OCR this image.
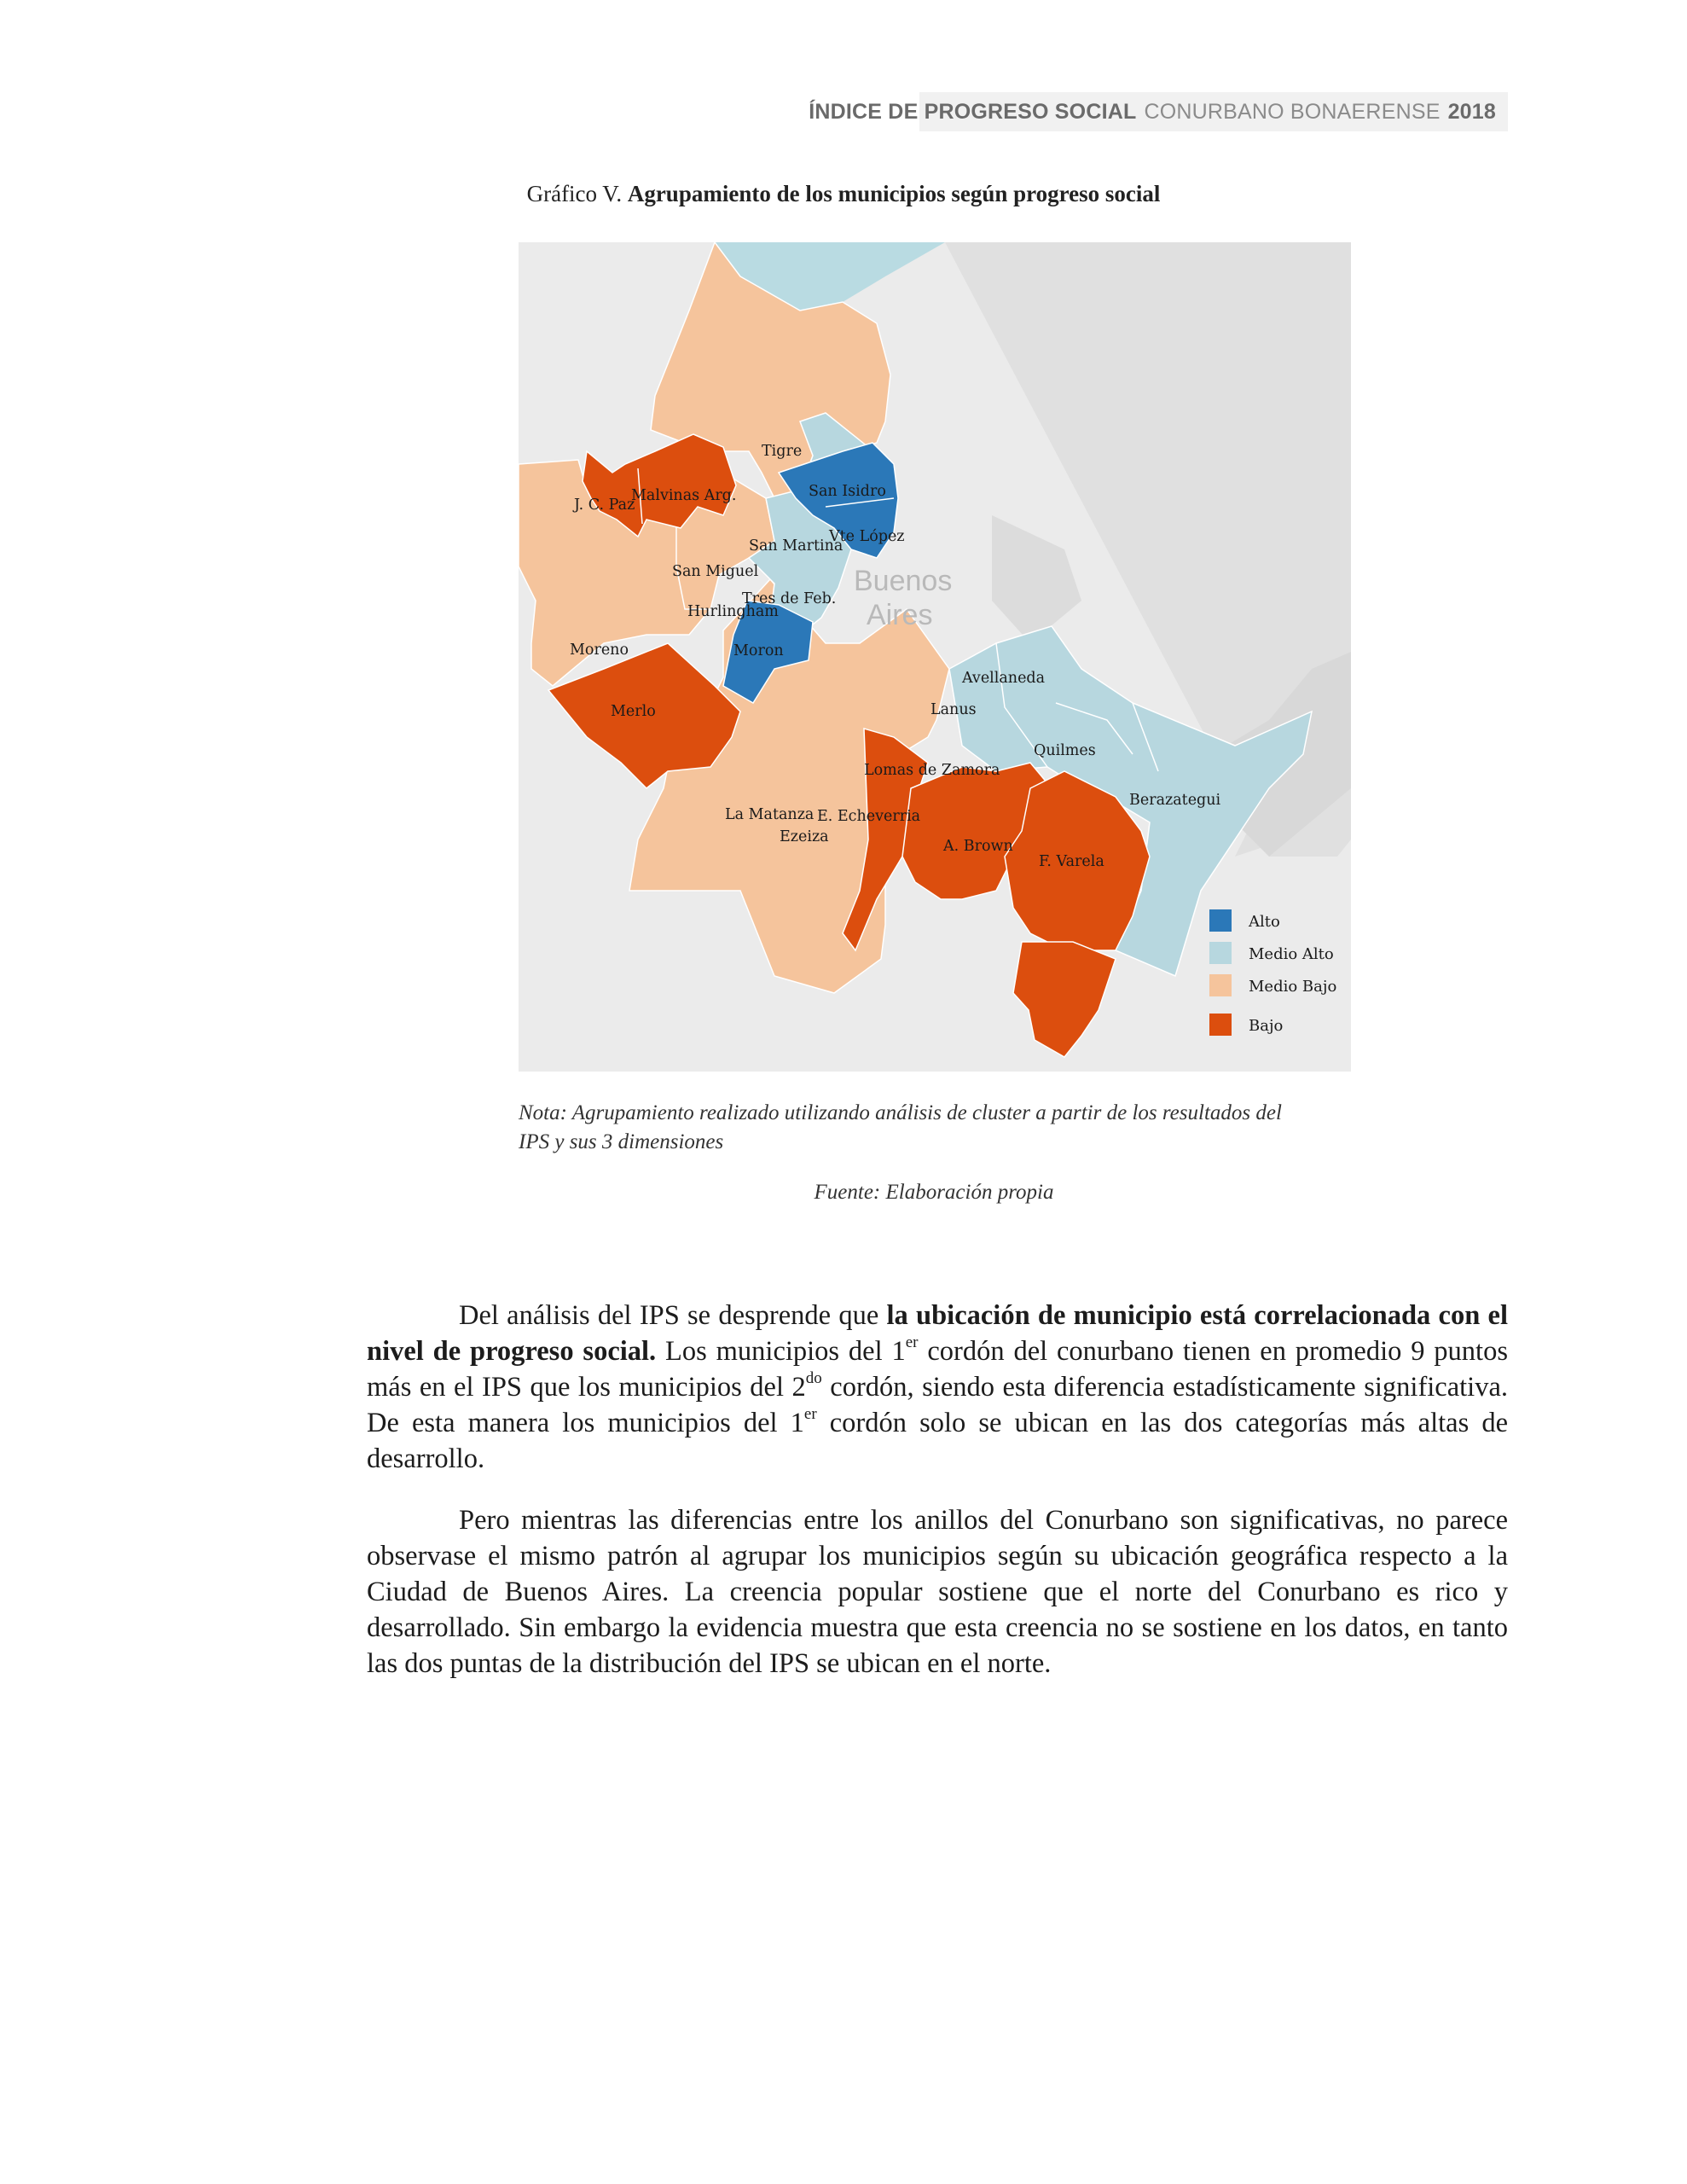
ÍNDICE DE PROGRESO SOCIAL CONURBANO BONAERENSE 2018
Gráfico V. Agrupamiento de los municipios según progreso social
Buenos
Aires
Tigre
San Isidro
Malvinas Arg.
J. C. Paz
Vte López
San Martina
San Miguel
Tres de Feb.
Hurlingham
Moreno	Moron
Merlo
Avellaneda
Lanus
Quilmes
Lomas de Zamora
Berazategui
La Matanza E. Echeverria
Ezeiza
A. Brown
F. Varela
Alto
Medio Alto
Medio Bajo
Bajo
Nota: Agrupamiento realizado utilizando análisis de cluster a partir de los resultados del
IPS y sus 3 dimensiones
Fuente: Elaboración propia

Del análisis del IPS se desprende que la ubicación de municipio está correlacionada con el nivel de progreso social. Los municipios del 1er cordón del conurbano tienen en promedio 9 puntos más en el IPS que los municipios del $2^{do}$ cordón, siendo esta diferencia estadísticamente significativa. De esta manera los municipios del 1er cordón solo se ubican en las dos categorías más altas de desarrollo.

Pero mientras las diferencias entre los anillos del Conurbano son significativas, no parece observase el mismo patrón al agrupar los municipios según su ubicación geográfica respecto a la Ciudad de Buenos Aires. La creencia popular sostiene que el norte del Conurbano es rico y desarrollado. Sin embargo la evidencia muestra que esta creencia no se sostiene en los datos, en tanto las dos puntas de la distribución del IPS se ubican en el norte.
